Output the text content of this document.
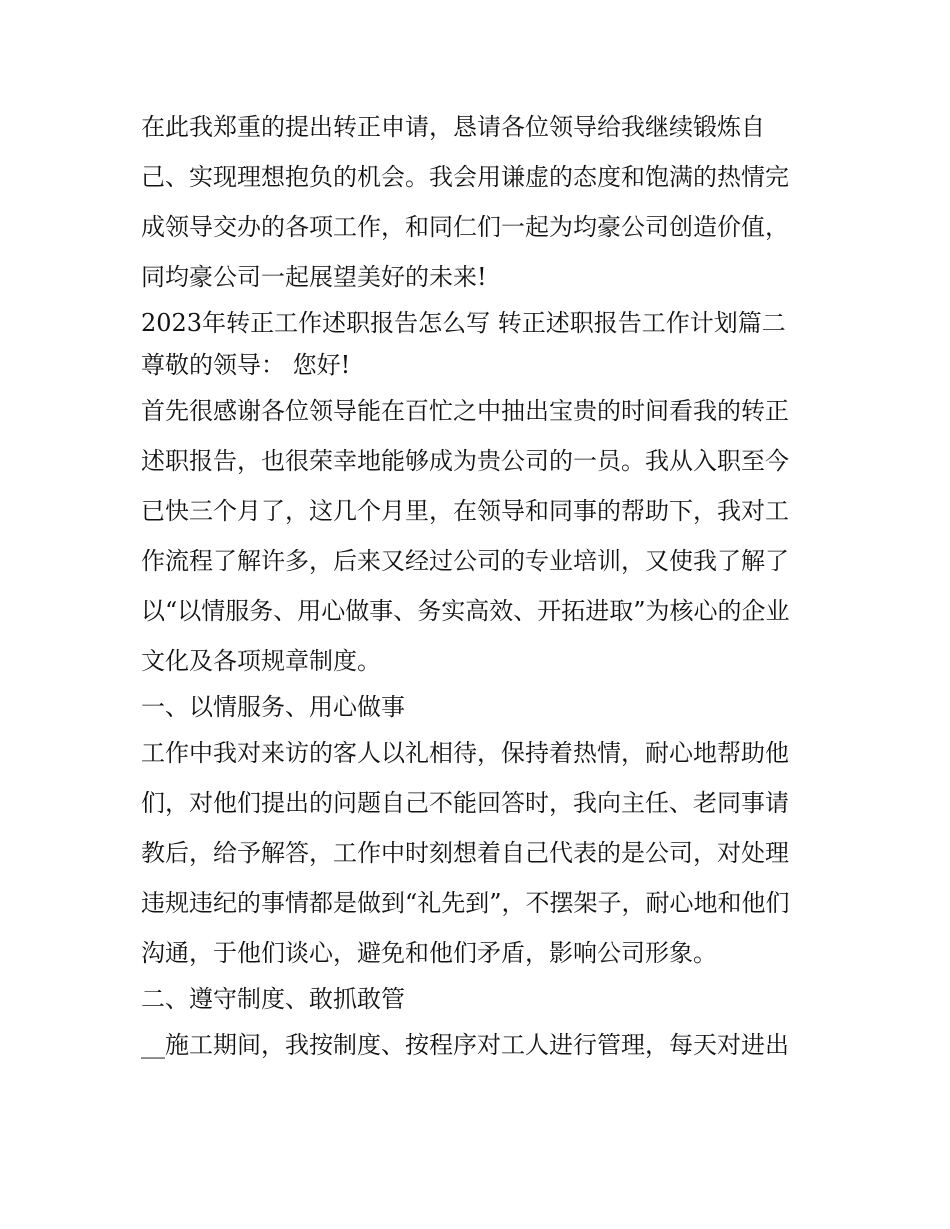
在此我郑重的提出转正申请，恳请各位领导给我继续锻炼自
己、实现理想抱负的机会。我会用谦虚的态度和饱满的热情完
成领导交办的各项工作，和同仁们一起为均豪公司创造价值，
同均豪公司一起展望美好的未来!
2023年转正工作述职报告怎么写 转正述职报告工作计划篇二
尊敬的领导： 您好!
首先很感谢各位领导能在百忙之中抽出宝贵的时间看我的转正
述职报告，也很荣幸地能够成为贵公司的一员。我从入职至今
已快三个月了，这几个月里，在领导和同事的帮助下，我对工
作流程了解许多，后来又经过公司的专业培训，又使我了解了
以“以情服务、用心做事、务实高效、开拓进取”为核心的企业
文化及各项规章制度。
一、以情服务、用心做事
工作中我对来访的客人以礼相待，保持着热情，耐心地帮助他
们，对他们提出的问题自己不能回答时，我向主任、老同事请
教后，给予解答，工作中时刻想着自己代表的是公司，对处理
违规违纪的事情都是做到“礼先到”，不摆架子，耐心地和他们
沟通，于他们谈心，避免和他们矛盾，影响公司形象。
二、遵守制度、敢抓敢管
__施工期间，我按制度、按程序对工人进行管理，每天对进出
